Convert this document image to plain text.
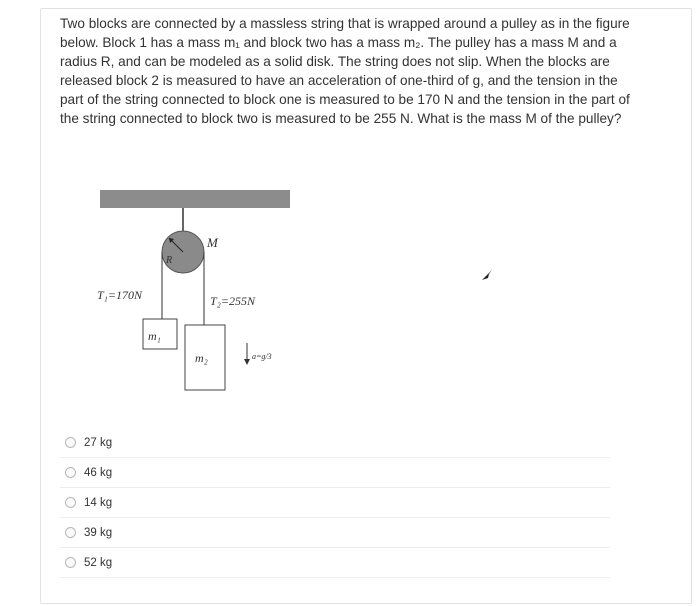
Two blocks are connected by a massless string that is wrapped around a pulley as in the figure below. Block 1 has a mass m₁ and block two has a mass m₂. The pulley has a mass M and a radius R, and can be modeled as a solid disk. The string does not slip. When the blocks are released block 2 is measured to have an acceleration of one-third of g, and the tension in the part of the string connected to block one is measured to be 170 N and the tension in the part of the string connected to block two is measured to be 255 N. What is the mass M of the pulley?

M
R
T₁=170N	T₂=255N
m₁
m₂	a=g/3
27 kg
46 kg
14 kg
39 kg
52 kg
